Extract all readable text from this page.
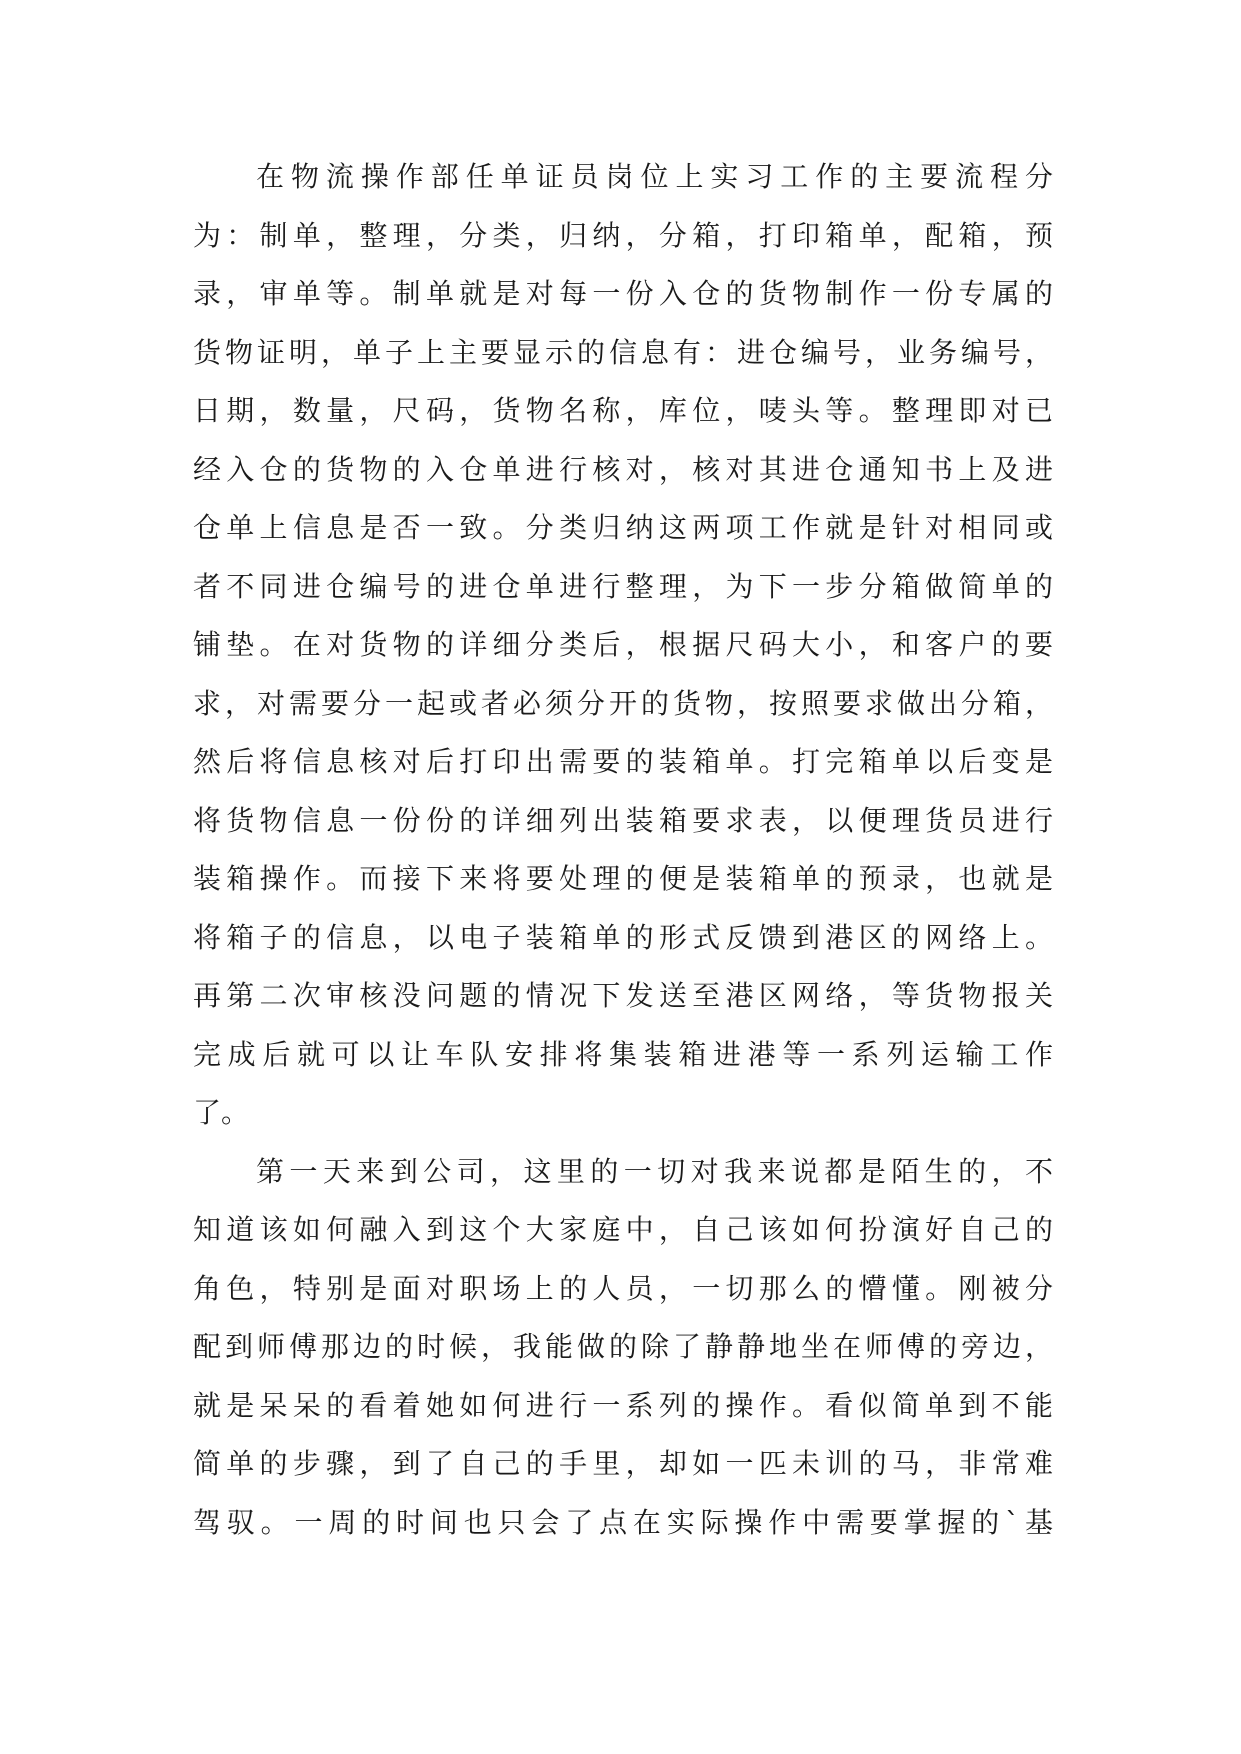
在物流操作部任单证员岗位上实习工作的主要流程分
为：制单，整理，分类，归纳，分箱，打印箱单，配箱，预
录，审单等。制单就是对每一份入仓的货物制作一份专属的
货物证明，单子上主要显示的信息有：进仓编号，业务编号，
日期，数量，尺码，货物名称，库位，唛头等。整理即对已
经入仓的货物的入仓单进行核对，核对其进仓通知书上及进
仓单上信息是否一致。分类归纳这两项工作就是针对相同或
者不同进仓编号的进仓单进行整理，为下一步分箱做简单的
铺垫。在对货物的详细分类后，根据尺码大小，和客户的要
求，对需要分一起或者必须分开的货物，按照要求做出分箱，
然后将信息核对后打印出需要的装箱单。打完箱单以后变是
将货物信息一份份的详细列出装箱要求表，以便理货员进行
装箱操作。而接下来将要处理的便是装箱单的预录，也就是
将箱子的信息，以电子装箱单的形式反馈到港区的网络上。
再第二次审核没问题的情况下发送至港区网络，等货物报关
完成后就可以让车队安排将集装箱进港等一系列运输工作
了。
第一天来到公司，这里的一切对我来说都是陌生的，不
知道该如何融入到这个大家庭中，自己该如何扮演好自己的
角色，特别是面对职场上的人员，一切那么的懵懂。刚被分
配到师傅那边的时候，我能做的除了静静地坐在师傅的旁边，
就是呆呆的看着她如何进行一系列的操作。看似简单到不能
简单的步骤，到了自己的手里，却如一匹未训的马，非常难
驾驭。一周的时间也只会了点在实际操作中需要掌握的`基
